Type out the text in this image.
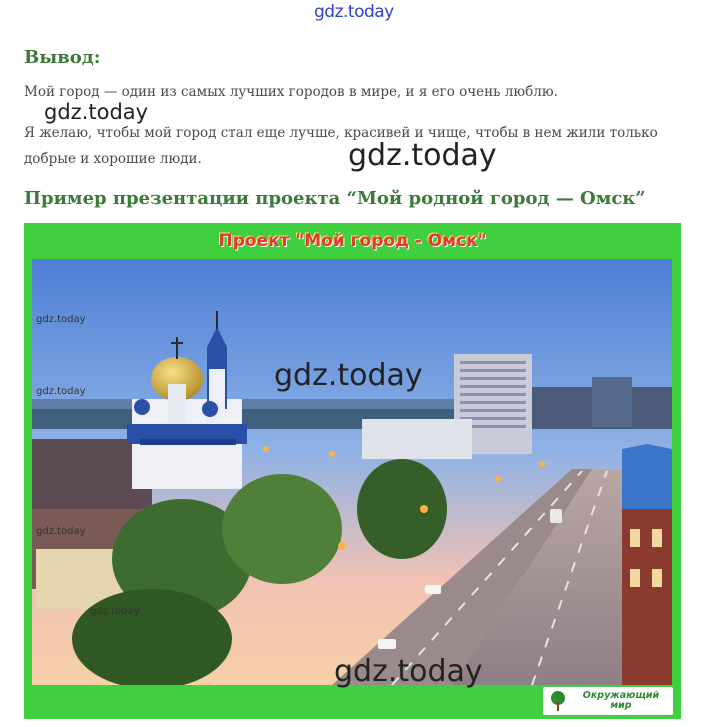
gdz.today
Вывод:

Мой город — один из самых лучших городов в мире, и я его очень люблю.

gdz.today

Я желаю, чтобы мой город стал еще лучше, красивей и чище, чтобы в нем жили только добрые и хорошие люди.	gdz.today
Пример презентации проекта “Мой родной город — Омск”
Проект "Мой город - Омск"
Окружающий мир
gdz.today
gdz.today
gdz.today
gdz.today
gdz.today
gdz.today
